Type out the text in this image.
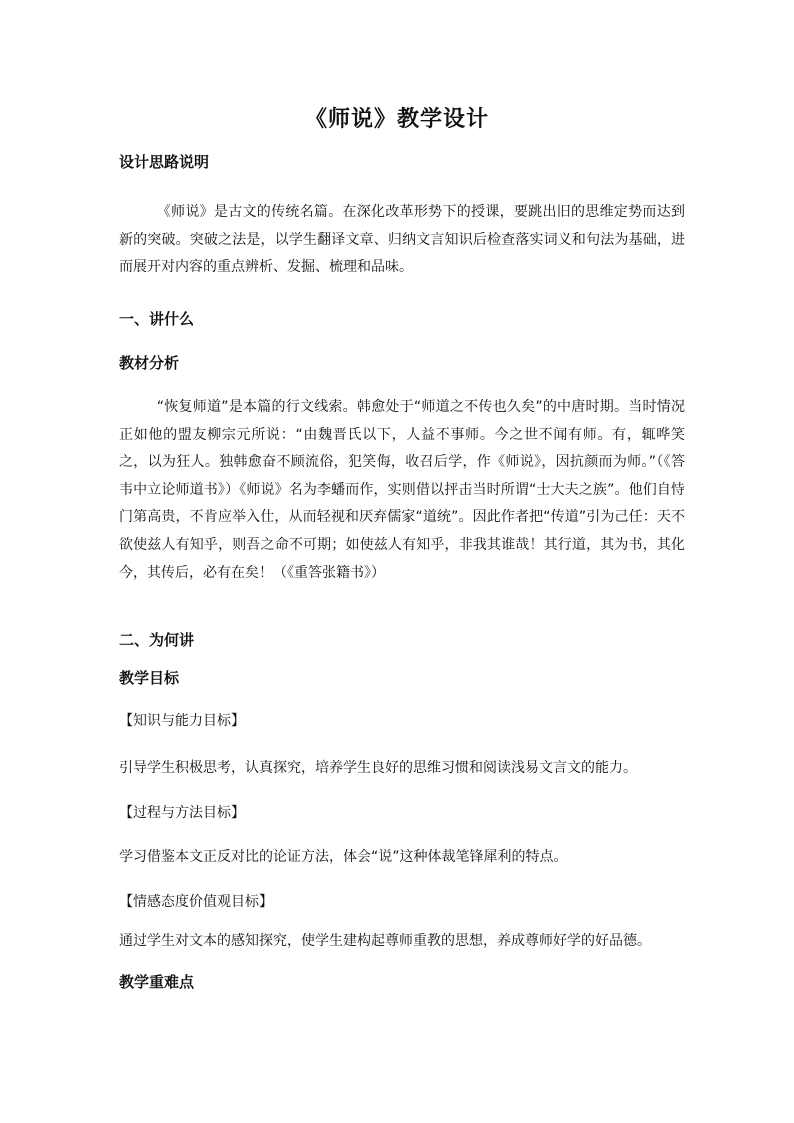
《师说》教学设计
设计思路说明

《师说》是古文的传统名篇。在深化改革形势下的授课，要跳出旧的思维定势而达到新的突破。突破之法是，以学生翻译文章、归纳文言知识后检查落实词义和句法为基础，进而展开对内容的重点辨析、发掘、梳理和品味。

一、讲什么
教材分析

“恢复师道”是本篇的行文线索。韩愈处于“师道之不传也久矣”的中唐时期。当时情况正如他的盟友柳宗元所说：“由魏晋氏以下，人益不事师。今之世不闻有师。有，辄哗笑之，以为狂人。独韩愈奋不顾流俗，犯笑侮，收召后学，作《师说》，因抗颜而为师。”（《答韦中立论师道书》）《师说》名为李蟠而作，实则借以抨击当时所谓“士大夫之族”。他们自恃门第高贵，不肯应举入仕，从而轻视和厌弃儒家“道统”。因此作者把“传道”引为己任：天不欲使兹人有知乎，则吾之命不可期；如使兹人有知乎，非我其谁哉！其行道，其为书，其化今，其传后，必有在矣！（《重答张籍书》）

二、为何讲
教学目标
【知识与能力目标】
引导学生积极思考，认真探究，培养学生良好的思维习惯和阅读浅易文言文的能力。
【过程与方法目标】
学习借鉴本文正反对比的论证方法，体会“说”这种体裁笔锋犀利的特点。
【情感态度价值观目标】
通过学生对文本的感知探究，使学生建构起尊师重教的思想，养成尊师好学的好品德。
教学重难点
